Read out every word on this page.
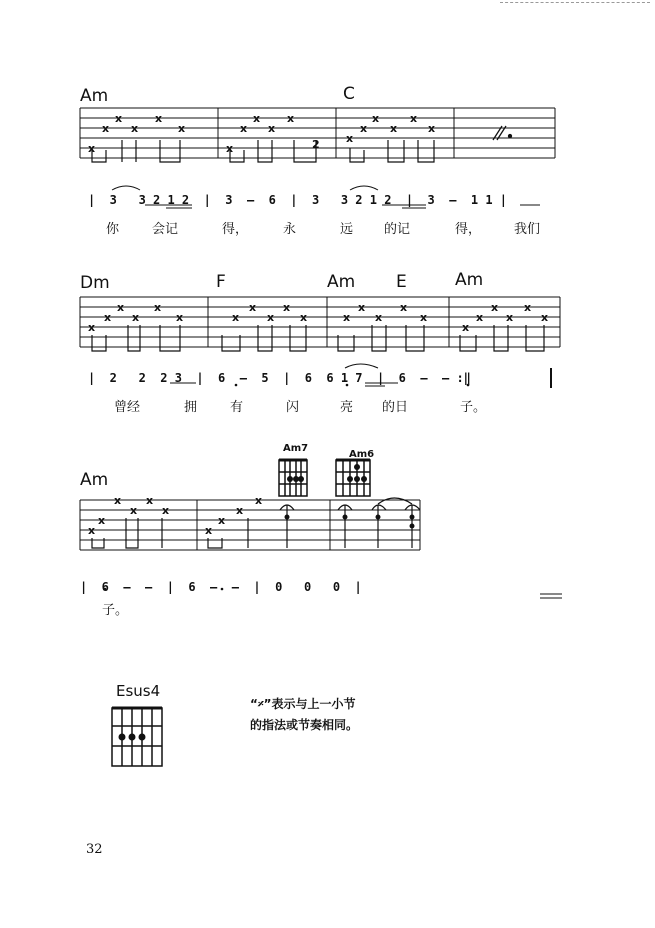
Am	C
x
x
x
x
x
x
x
x
x
x
x
x
x
x
x
x
x
2
x
x
x
x
x
x	x
x
x
x
x	x
x
x
x
x
x
x
x
x
x
x
x
x
x
x
x
x
x
x
x
x
|  3   3 2 1 2  |  3  —  6  |  3   3 2 1 2  |  3  —  1 1 |
你	会记	得，	永	远 的记	得，	我们
Dm	F	Am E	Am
|  2   2  2 3  |  6  —  5  |  6  6 1 7  |  6  —  — :‖
曾经	拥	有	闪	亮 的日	子。
Am
Am7
Am6
|  6  —  —  |  6  —  —  |  0   0   0  |
子。
Esus4
“𝄎”表示与上一小节
的指法或节奏相同。
32
